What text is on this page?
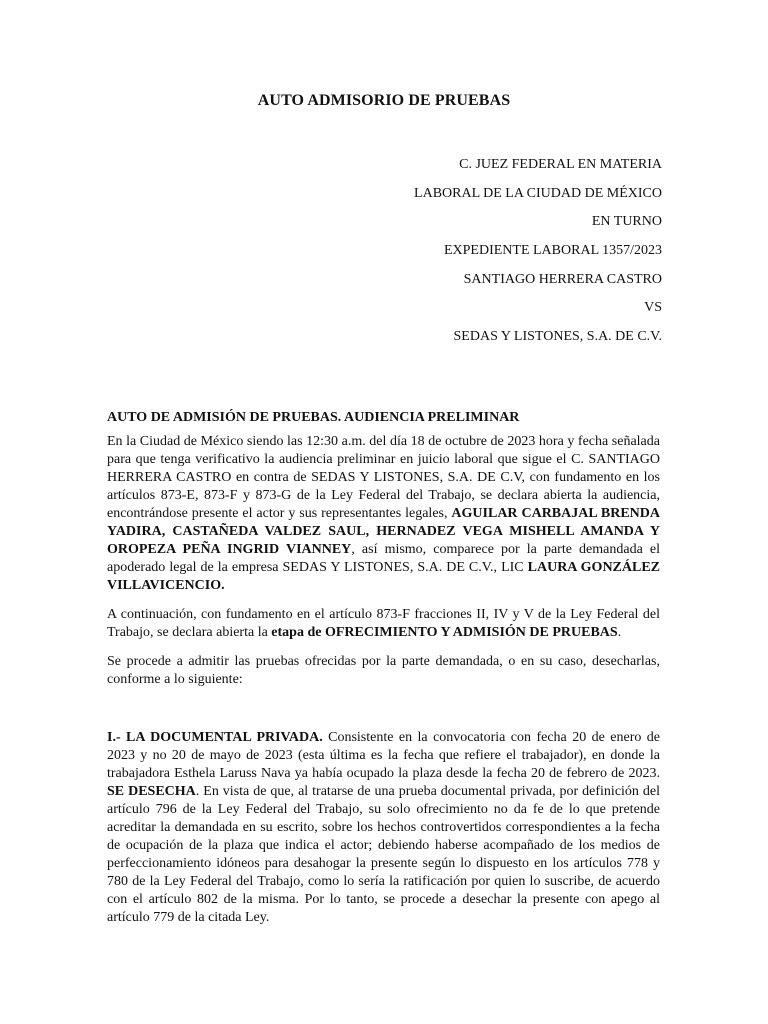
AUTO ADMISORIO DE PRUEBAS
C. JUEZ FEDERAL EN MATERIA
LABORAL DE LA CIUDAD DE MÉXICO
EN TURNO
EXPEDIENTE LABORAL 1357/2023
SANTIAGO HERRERA CASTRO
VS
SEDAS Y LISTONES, S.A. DE C.V.
AUTO DE ADMISIÓN DE PRUEBAS. AUDIENCIA PRELIMINAR

En la Ciudad de México siendo las 12:30 a.m. del día 18 de octubre de 2023 hora y fecha señalada para que tenga verificativo la audiencia preliminar en juicio laboral que sigue el C. SANTIAGO HERRERA CASTRO en contra de SEDAS Y LISTONES, S.A. DE C.V, con fundamento en los artículos 873-E, 873-F y 873-G de la Ley Federal del Trabajo, se declara abierta la audiencia, encontrándose presente el actor y sus representantes legales, AGUILAR CARBAJAL BRENDA YADIRA, CASTAÑEDA VALDEZ SAUL, HERNADEZ VEGA MISHELL AMANDA Y OROPEZA PEÑA INGRID VIANNEY, así mismo, comparece por la parte demandada el apoderado legal de la empresa SEDAS Y LISTONES, S.A. DE C.V., LIC LAURA GONZÁLEZ VILLAVICENCIO.

A continuación, con fundamento en el artículo 873-F fracciones II, IV y V de la Ley Federal del Trabajo, se declara abierta la etapa de OFRECIMIENTO Y ADMISIÓN DE PRUEBAS.

Se procede a admitir las pruebas ofrecidas por la parte demandada, o en su caso, desecharlas, conforme a lo siguiente:

I.- LA DOCUMENTAL PRIVADA. Consistente en la convocatoria con fecha 20 de enero de 2023 y no 20 de mayo de 2023 (esta última es la fecha que refiere el trabajador), en donde la trabajadora Esthela Laruss Nava ya había ocupado la plaza desde la fecha 20 de febrero de 2023. SE DESECHA. En vista de que, al tratarse de una prueba documental privada, por definición del artículo 796 de la Ley Federal del Trabajo, su solo ofrecimiento no da fe de lo que pretende acreditar la demandada en su escrito, sobre los hechos controvertidos correspondientes a la fecha de ocupación de la plaza que indica el actor; debiendo haberse acompañado de los medios de perfeccionamiento idóneos para desahogar la presente según lo dispuesto en los artículos 778 y 780 de la Ley Federal del Trabajo, como lo sería la ratificación por quien lo suscribe, de acuerdo con el artículo 802 de la misma. Por lo tanto, se procede a desechar la presente con apego al artículo 779 de la citada Ley.
